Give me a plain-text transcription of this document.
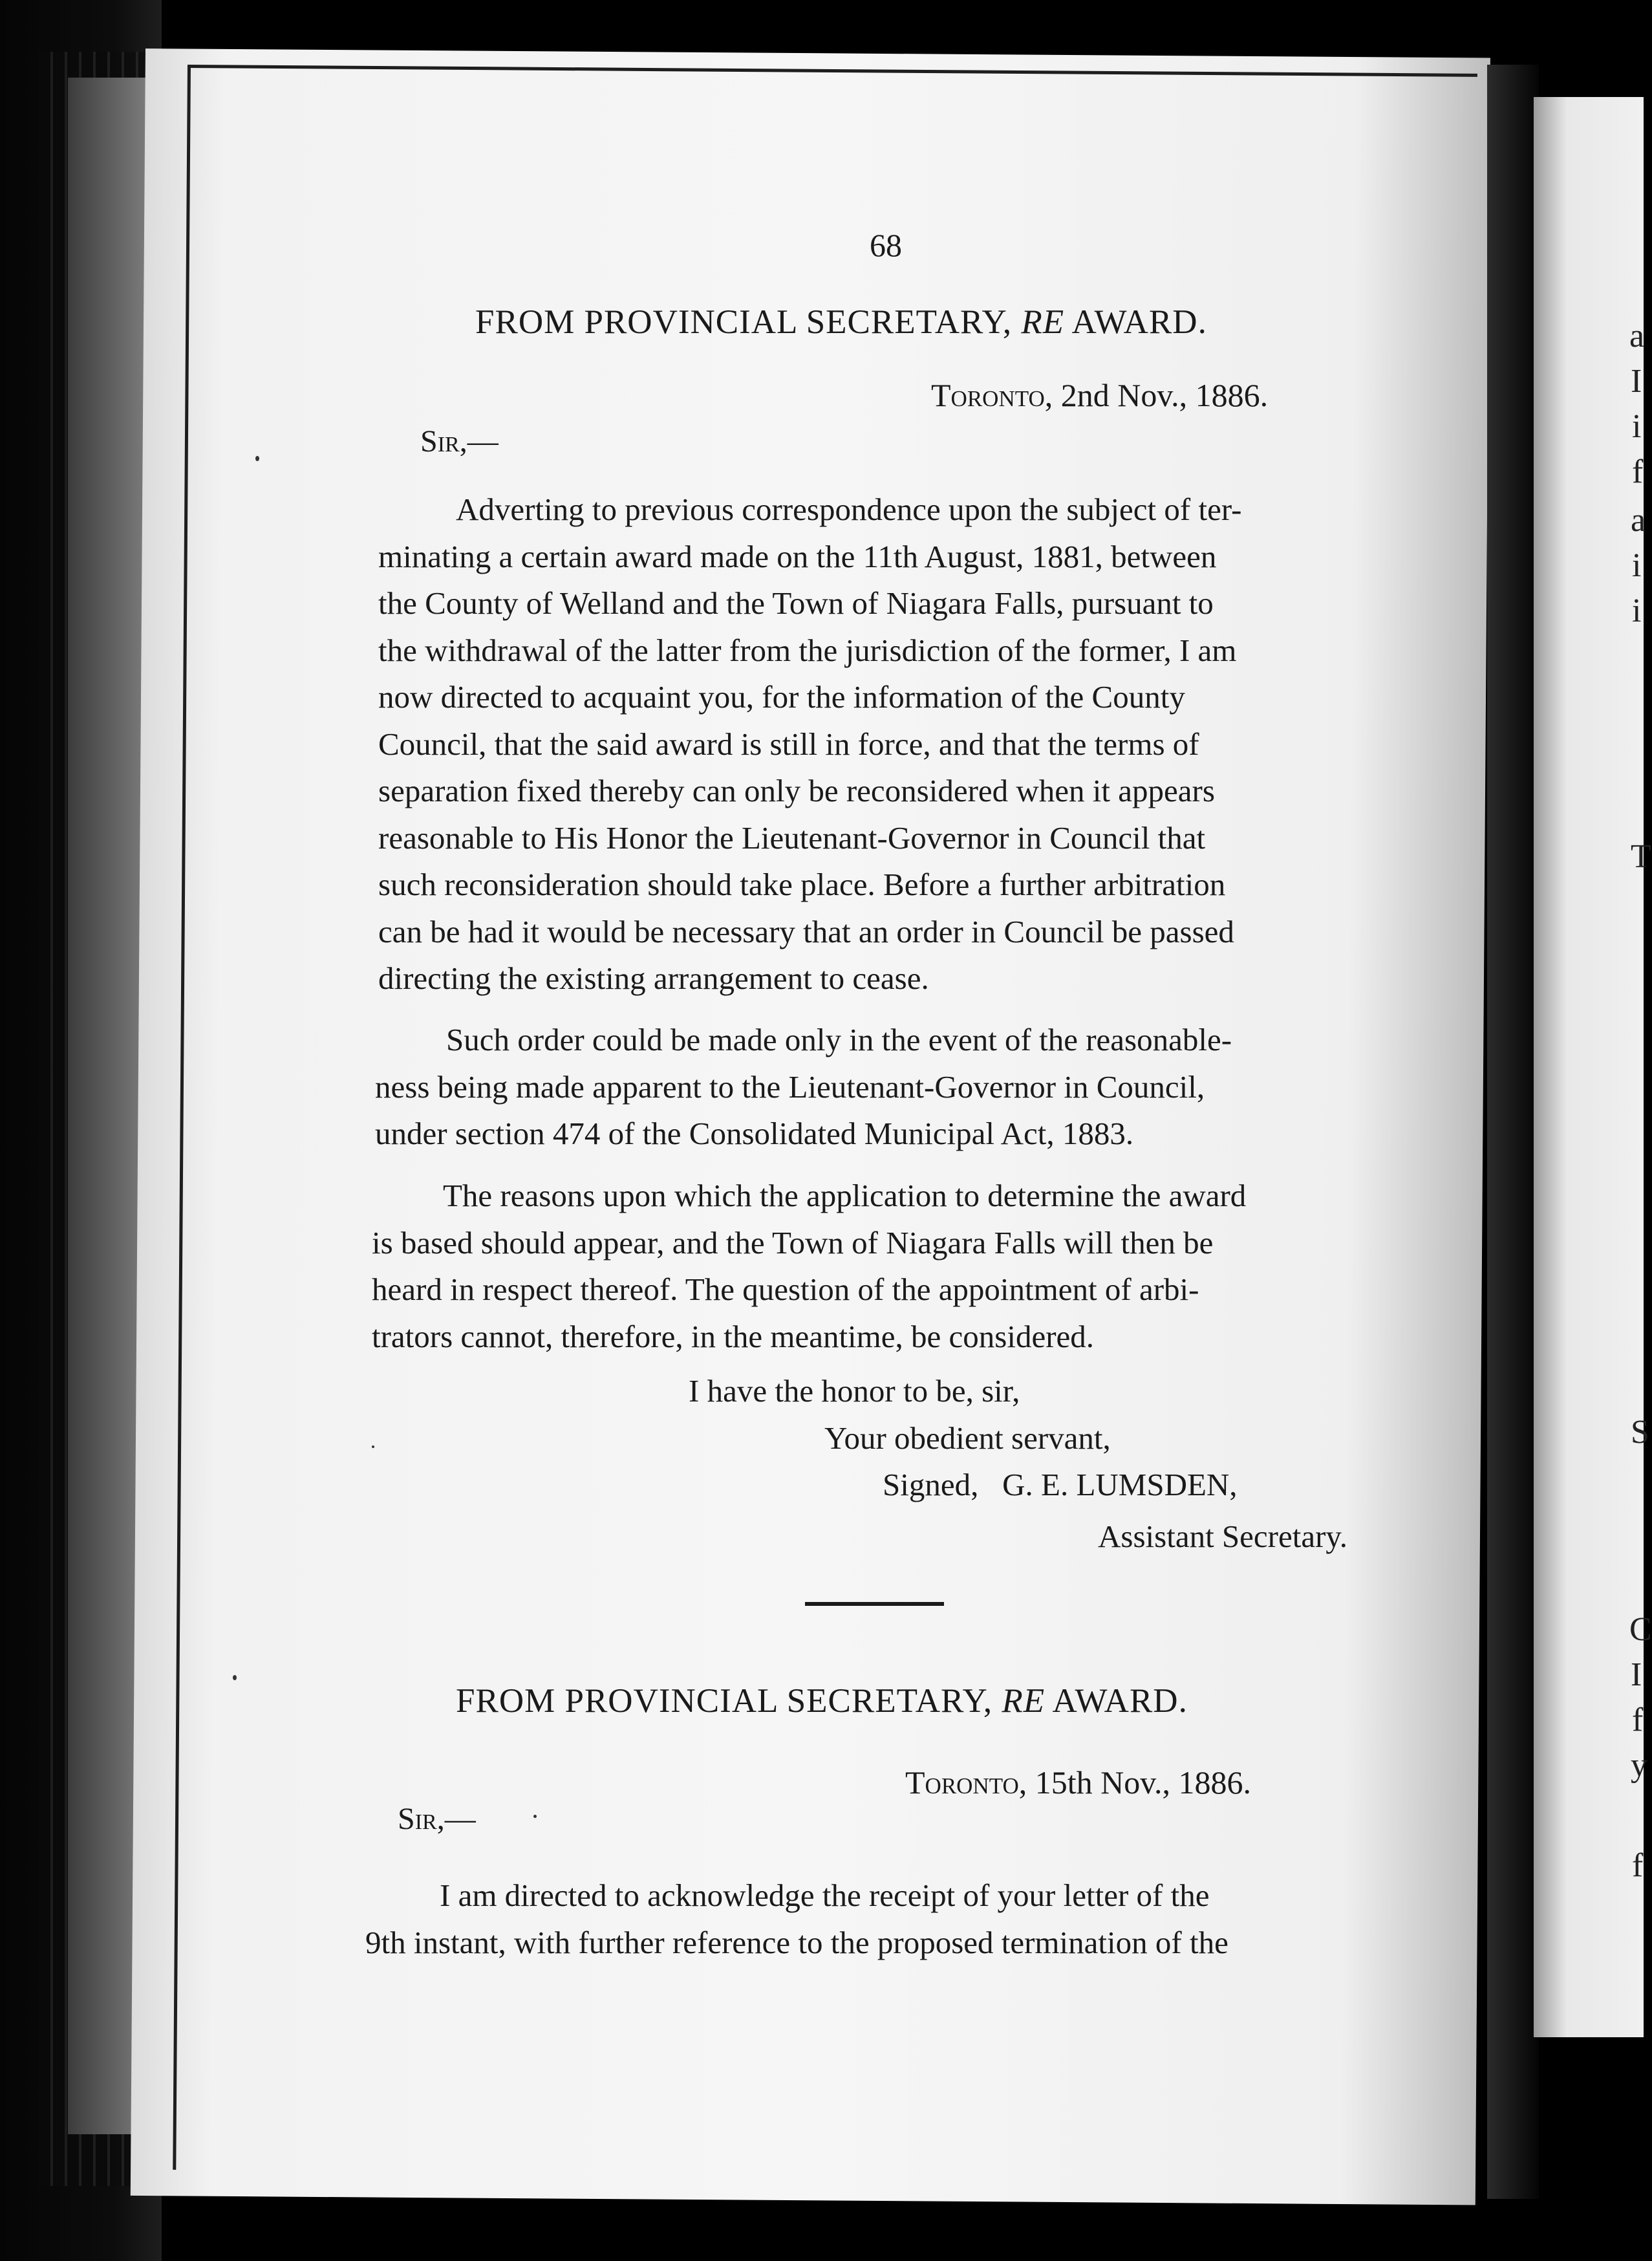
a
I
i
f
a
i
i
T
S
C
I
f
y
f
68
FROM PROVINCIAL SECRETARY, RE AWARD.
Toronto, 2nd Nov., 1886.
Sir,—
Adverting to previous correspondence upon the subject of ter-
minating a certain award made on the 11th August, 1881, between
the County of Welland and the Town of Niagara Falls, pursuant to
the withdrawal of the latter from the jurisdiction of the former, I am
now directed to acquaint you, for the information of the County
Council, that the said award is still in force, and that the terms of
separation fixed thereby can only be reconsidered when it appears
reasonable to His Honor the Lieutenant-Governor in Council that
such reconsideration should take place. Before a further arbitration
can be had it would be necessary that an order in Council be passed
directing the existing arrangement to cease.
Such order could be made only in the event of the reasonable-
ness being made apparent to the Lieutenant-Governor in Council,
under section 474 of the Consolidated Municipal Act, 1883.
The reasons upon which the application to determine the award
is based should appear, and the Town of Niagara Falls will then be
heard in respect thereof. The question of the appointment of arbi-
trators cannot, therefore, in the meantime, be considered.
I have the honor to be, sir,
Your obedient servant,
Signed, G. E. LUMSDEN,
Assistant Secretary.
FROM PROVINCIAL SECRETARY, RE AWARD.
Toronto, 15th Nov., 1886.
Sir,—
I am directed to acknowledge the receipt of your letter of the
9th instant, with further reference to the proposed termination of the
